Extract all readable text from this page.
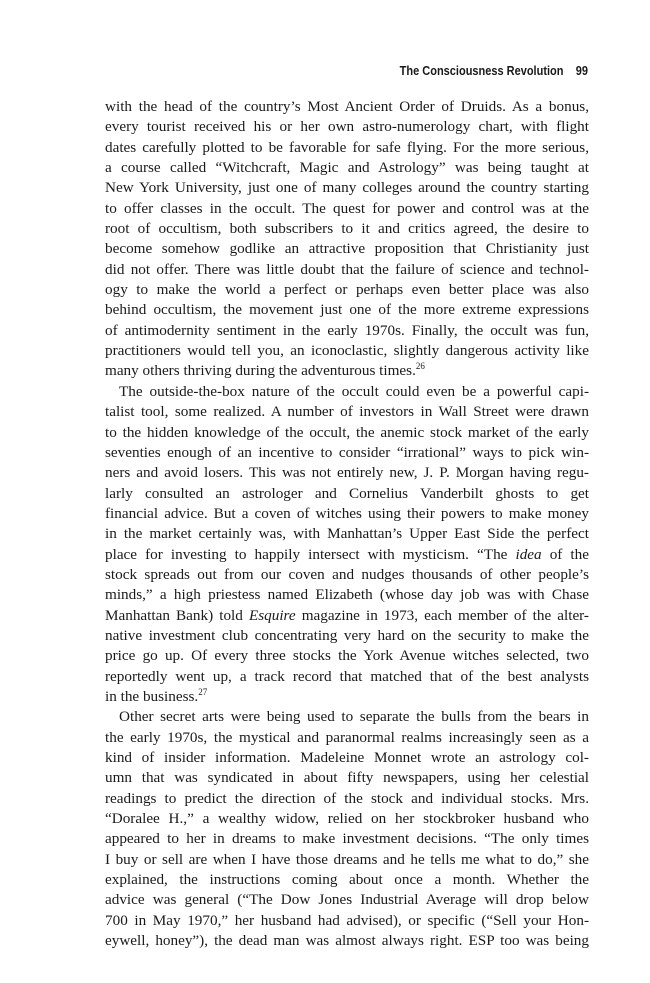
The Consciousness Revolution 99
with the head of the country’s Most Ancient Order of Druids. As a bonus,
every tourist received his or her own astro-numerology chart, with flight
dates carefully plotted to be favorable for safe flying. For the more serious,
a course called “Witchcraft, Magic and Astrology” was being taught at
New York University, just one of many colleges around the country starting
to offer classes in the occult. The quest for power and control was at the
root of occultism, both subscribers to it and critics agreed, the desire to
become somehow godlike an attractive proposition that Christianity just
did not offer. There was little doubt that the failure of science and technol-
ogy to make the world a perfect or perhaps even better place was also
behind occultism, the movement just one of the more extreme expressions
of antimodernity sentiment in the early 1970s. Finally, the occult was fun,
practitioners would tell you, an iconoclastic, slightly dangerous activity like
many others thriving during the adventurous times.$^{26}$
The outside-the-box nature of the occult could even be a powerful capi-
talist tool, some realized. A number of investors in Wall Street were drawn
to the hidden knowledge of the occult, the anemic stock market of the early
seventies enough of an incentive to consider “irrational” ways to pick win-
ners and avoid losers. This was not entirely new, J. P. Morgan having regu-
larly consulted an astrologer and Cornelius Vanderbilt ghosts to get
financial advice. But a coven of witches using their powers to make money
in the market certainly was, with Manhattan’s Upper East Side the perfect
place for investing to happily intersect with mysticism. “The idea of the
stock spreads out from our coven and nudges thousands of other people’s
minds,” a high priestess named Elizabeth (whose day job was with Chase
Manhattan Bank) told Esquire magazine in 1973, each member of the alter-
native investment club concentrating very hard on the security to make the
price go up. Of every three stocks the York Avenue witches selected, two
reportedly went up, a track record that matched that of the best analysts
in the business.$^{27}$
Other secret arts were being used to separate the bulls from the bears in
the early 1970s, the mystical and paranormal realms increasingly seen as a
kind of insider information. Madeleine Monnet wrote an astrology col-
umn that was syndicated in about fifty newspapers, using her celestial
readings to predict the direction of the stock and individual stocks. Mrs.
“Doralee H.,” a wealthy widow, relied on her stockbroker husband who
appeared to her in dreams to make investment decisions. “The only times
I buy or sell are when I have those dreams and he tells me what to do,” she
explained, the instructions coming about once a month. Whether the
advice was general (“The Dow Jones Industrial Average will drop below
700 in May 1970,” her husband had advised), or specific (“Sell your Hon-
eywell, honey”), the dead man was almost always right. ESP too was being
